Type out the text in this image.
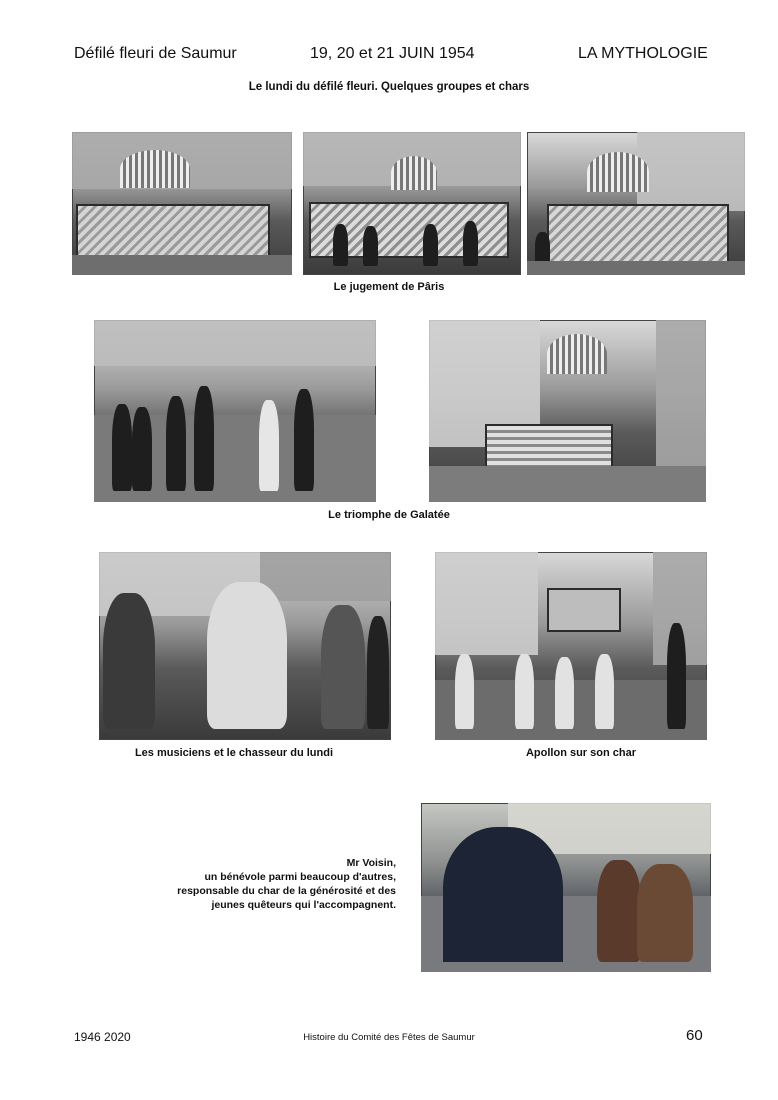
Défilé fleuri de Saumur	19, 20 et 21 JUIN 1954	LA MYTHOLOGIE
Le lundi du défilé fleuri. Quelques groupes et chars
Le jugement de Pâris
Le triomphe de Galatée
Les musiciens et le chasseur du lundi	Apollon sur son char
Mr Voisin,
un bénévole parmi beaucoup d'autres,
responsable du char de la générosité et des
jeunes quêteurs qui l'accompagnent.
1946 2020	Histoire du Comité des Fêtes de Saumur	60
